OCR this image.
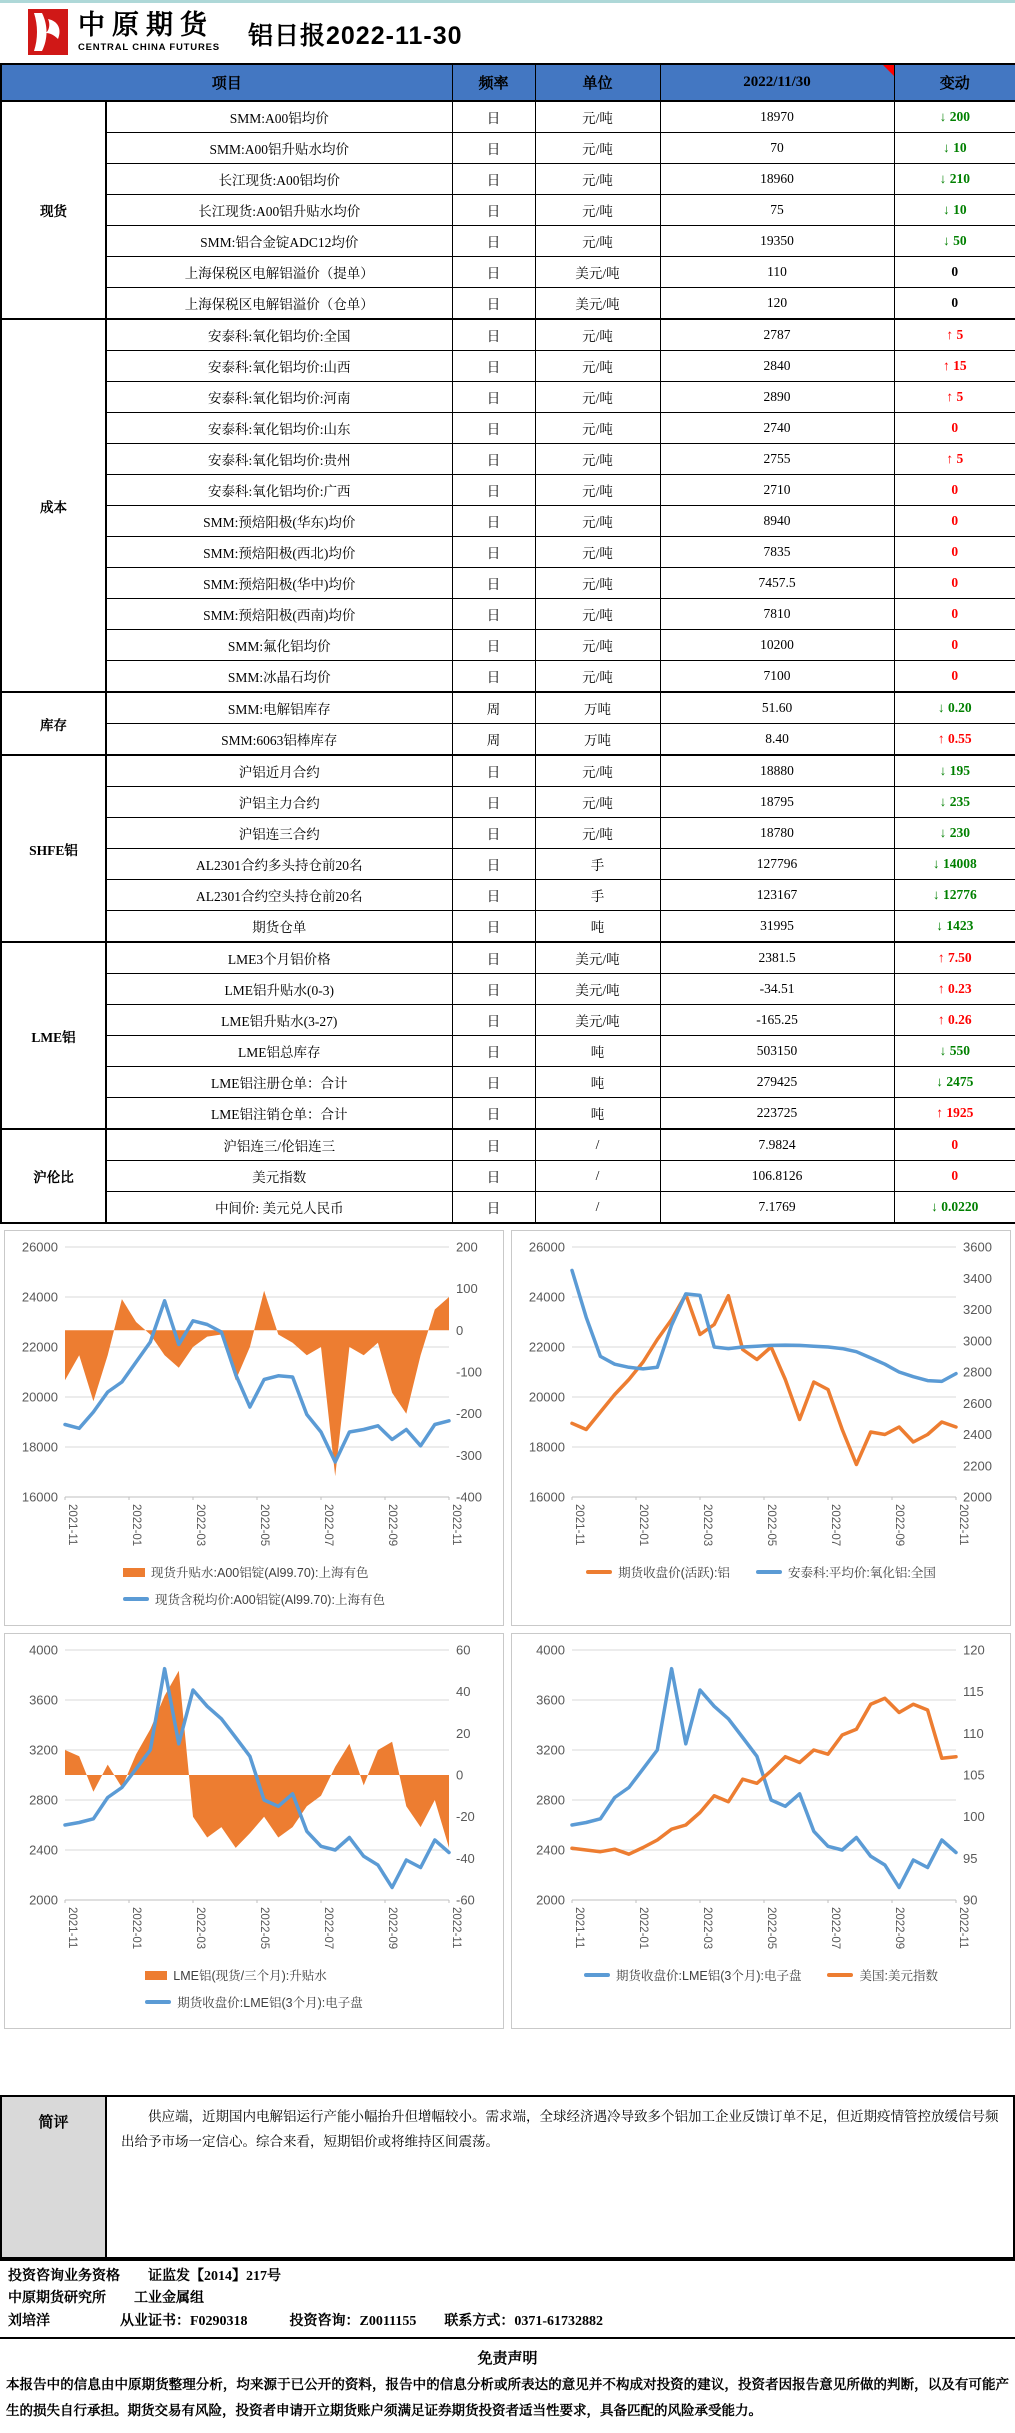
中原期货
CENTRAL CHINA FUTURES 铝日报2022-11-30
项目		频率	单位	2022/11/30	变动
现货	SMM:A00铝均价	日	元/吨	18970	↓ 200
	SMM:A00铝升贴水均价	日	元/吨	70	↓ 10
	长江现货:A00铝均价	日	元/吨	18960	↓ 210
	长江现货:A00铝升贴水均价	日	元/吨	75	↓ 10
	SMM:铝合金锭ADC12均价	日	元/吨	19350	↓ 50
	上海保税区电解铝溢价（提单）	日	美元/吨	110	0
	上海保税区电解铝溢价（仓单）	日	美元/吨	120	0
成本	安泰科:氧化铝均价:全国	日	元/吨	2787	↑ 5
	安泰科:氧化铝均价:山西	日	元/吨	2840	↑ 15
	安泰科:氧化铝均价:河南	日	元/吨	2890	↑ 5
	安泰科:氧化铝均价:山东	日	元/吨	2740	0
	安泰科:氧化铝均价:贵州	日	元/吨	2755	↑ 5
	安泰科:氧化铝均价:广西	日	元/吨	2710	0
	SMM:预焙阳极(华东)均价	日	元/吨	8940	0
	SMM:预焙阳极(西北)均价	日	元/吨	7835	0
	SMM:预焙阳极(华中)均价	日	元/吨	7457.5	0
	SMM:预焙阳极(西南)均价	日	元/吨	7810	0
	SMM:氟化铝均价	日	元/吨	10200	0
	SMM:冰晶石均价	日	元/吨	7100	0
库存	SMM:电解铝库存	周	万吨	51.60	↓ 0.20
	SMM:6063铝棒库存	周	万吨	8.40	↑ 0.55
SHFE铝	沪铝近月合约	日	元/吨	18880	↓ 195
	沪铝主力合约	日	元/吨	18795	↓ 235
	沪铝连三合约	日	元/吨	18780	↓ 230
	AL2301合约多头持仓前20名	日	手	127796	↓ 14008
	AL2301合约空头持仓前20名	日	手	123167	↓ 12776
	期货仓单	日	吨	31995	↓ 1423
LME铝	LME3个月铝价格	日	美元/吨	2381.5	↑ 7.50
	LME铝升贴水(0-3)	日	美元/吨	-34.51	↑ 0.23
	LME铝升贴水(3-27)	日	美元/吨	-165.25	↑ 0.26
	LME铝总库存	日	吨	503150	↓ 550
	LME铝注册仓单：合计	日	吨	279425	↓ 2475
	LME铝注销仓单：合计	日	吨	223725	↑ 1925
沪伦比	沪铝连三/伦铝连三	日	/	7.9824	0
	美元指数	日	/	106.8126	0
	中间价: 美元兑人民币	日	/	7.1769	↓ 0.0220
16000
18000
20000
22000
24000
26000
-400
-300
-200
-100
0
100
200
2021-11	2022-01	2022-03	2022-05	2022-07	2022-09	2022-11
现货升贴水:A00铝锭(Al99.70):上海有色
现货含税均价:A00铝锭(Al99.70):上海有色
16000
18000
20000
22000
24000
26000
2000
2200
2400
2600
2800
3000
3200
3400
3600
2021-11	2022-01	2022-03	2022-05	2022-07	2022-09	2022-11
期货收盘价(活跃):铝	安泰科:平均价:氧化铝:全国
2000
2400
2800
3200
3600
4000
-60
-40
-20
0
20
40
60
2021-11	2022-01	2022-03	2022-05	2022-07	2022-09	2022-11
LME铝(现货/三个月):升贴水
期货收盘价:LME铝(3个月):电子盘
2000
2400
2800
3200
3600
4000
90
95
100
105
110
115
120
2021-11	2022-01	2022-03	2022-05	2022-07	2022-09	2022-11
期货收盘价:LME铝(3个月):电子盘	美国:美元指数
简评	供应端，近期国内电解铝运行产能小幅抬升但增幅较小。需求端，全球经济遇冷导致多个铝加工企业反馈订单不足，但近期疫情管控放缓信号频出给予市场一定信心。综合来看，短期铝价或将维持区间震荡。
投资咨询业务资格　　证监发【2014】217号
中原期货研究所　　工业金属组
刘培洋　　　　　从业证书：F0290318　　　投资咨询：Z0011155　　联系方式：0371-61732882
免责声明
本报告中的信息由中原期货整理分析，均来源于已公开的资料，报告中的信息分析或所表达的意见并不构成对投资的建议，投资者因报告意见所做的判断，以及有可能产生的损失自行承担。期货交易有风险，投资者申请开立期货账户须满足证券期货投资者适当性要求，具备匹配的风险承受能力。
